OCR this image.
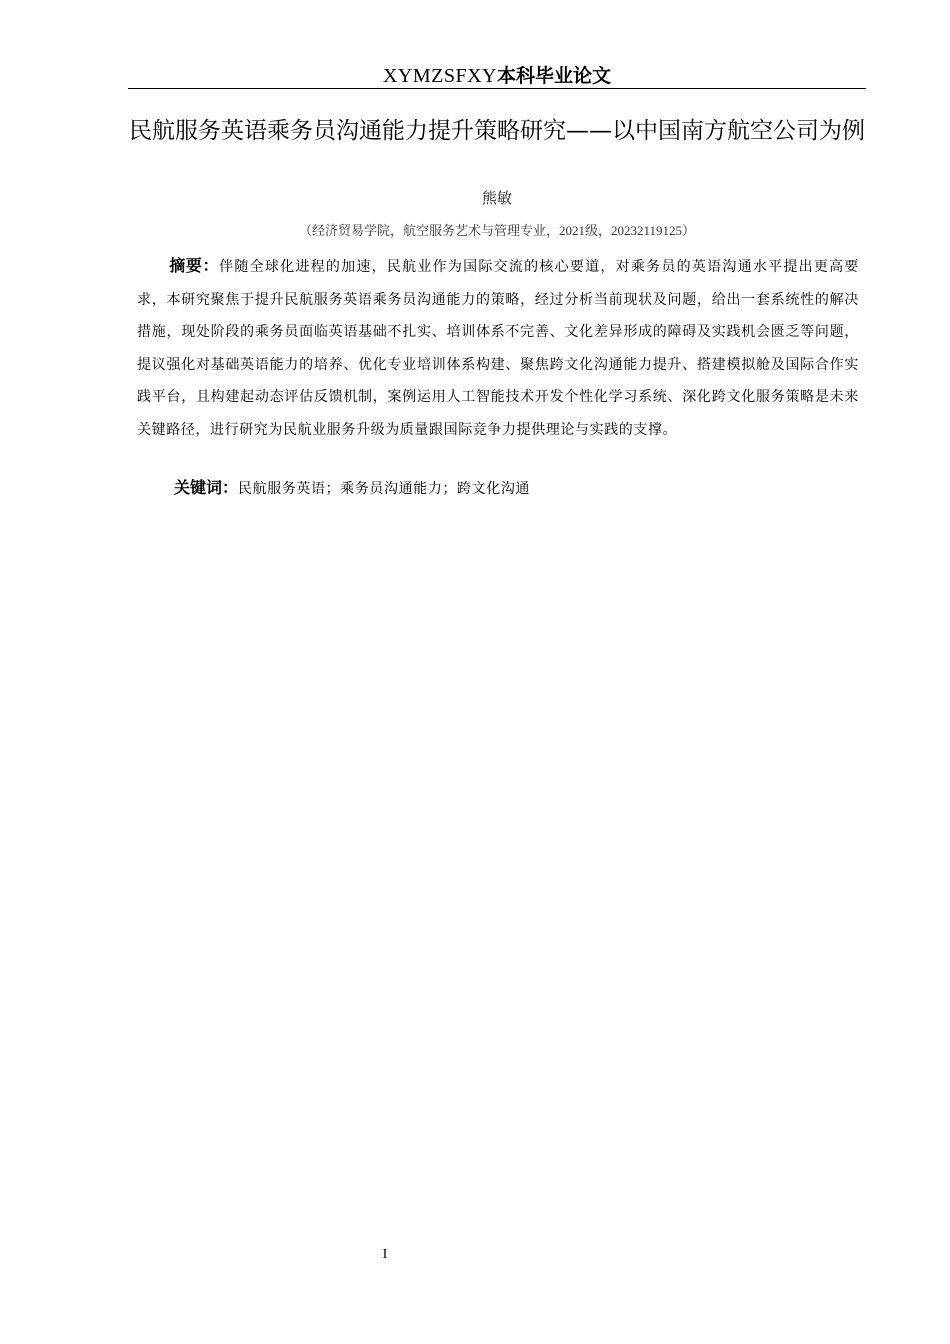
XYMZSFXY本科毕业论文
民航服务英语乘务员沟通能力提升策略研究——以中国南方航空公司为例
熊敏
（经济贸易学院，航空服务艺术与管理专业，2021级，20232119125）
摘要：伴随全球化进程的加速，民航业作为国际交流的核心要道，对乘务员的英语沟通水平提出更高要求，本研究聚焦于提升民航服务英语乘务员沟通能力的策略，经过分析当前现状及问题，给出一套系统性的解决措施，现处阶段的乘务员面临英语基础不扎实、培训体系不完善、文化差异形成的障碍及实践机会匮乏等问题，提议强化对基础英语能力的培养、优化专业培训体系构建、聚焦跨文化沟通能力提升、搭建模拟舱及国际合作实践平台，且构建起动态评估反馈机制，案例运用人工智能技术开发个性化学习系统、深化跨文化服务策略是未来关键路径，进行研究为民航业服务升级为质量跟国际竞争力提供理论与实践的支撑。
关键词：民航服务英语；乘务员沟通能力；跨文化沟通
I
